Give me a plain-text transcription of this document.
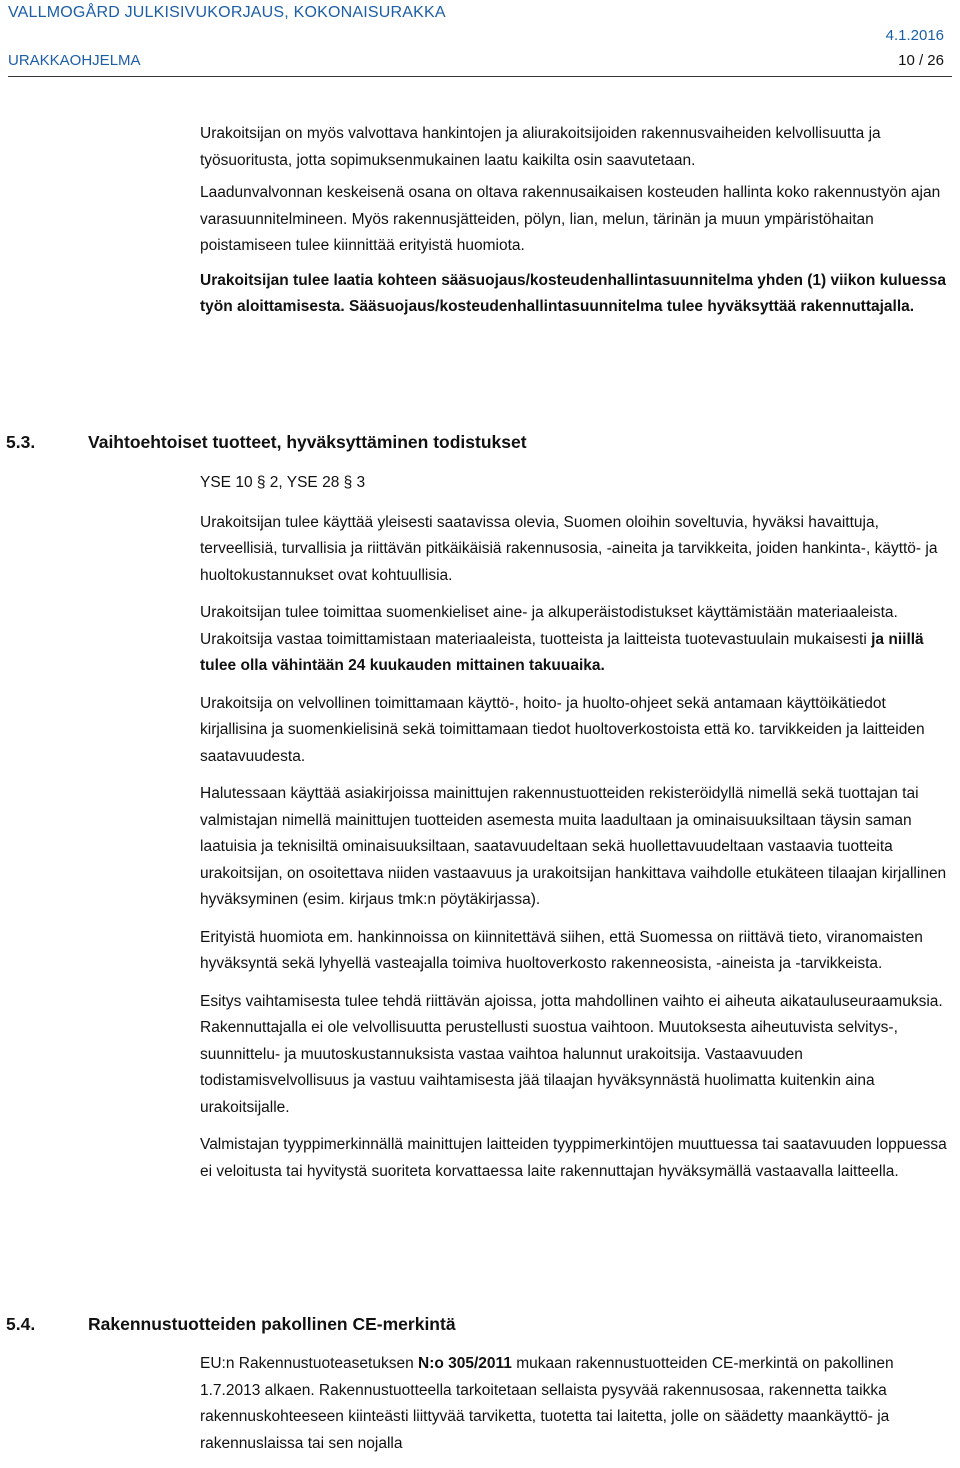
VALLMOGÅRD JULKISIVUKORJAUS, KOKONAISURAKKA
4.1.2016
URAKKAOHJELMA	10 / 26

Urakoitsijan on myös valvottava hankintojen ja aliurakoitsijoiden rakennusvaiheiden kelvollisuutta ja työsuoritusta, jotta sopimuksenmukainen laatu kaikilta osin saavutetaan.

Laadunvalvonnan keskeisenä osana on oltava rakennusaikaisen kosteuden hallinta koko rakennustyön ajan varasuunnitelmineen. Myös rakennusjätteiden, pölyn, lian, melun, tärinän ja muun ympäristöhaitan poistamiseen tulee kiinnittää erityistä huomiota.

Urakoitsijan tulee laatia kohteen sääsuojaus/kosteudenhallintasuunnitelma yhden (1) viikon kuluessa työn aloittamisesta. Sääsuojaus/kosteudenhallintasuunnitelma tulee hyväksyttää rakennuttajalla.

5.3.	Vaihtoehtoiset tuotteet, hyväksyttäminen todistukset

YSE 10 § 2, YSE 28 § 3

Urakoitsijan tulee käyttää yleisesti saatavissa olevia, Suomen oloihin soveltuvia, hyväksi havaittuja, terveellisiä, turvallisia ja riittävän pitkäikäisiä rakennusosia, -aineita ja tarvikkeita, joiden hankinta-, käyttö- ja huoltokustannukset ovat kohtuullisia.

Urakoitsijan tulee toimittaa suomenkieliset aine- ja alkuperäistodistukset käyttämistään materiaaleista. Urakoitsija vastaa toimittamistaan materiaaleista, tuotteista ja laitteista tuotevastuulain mukaisesti ja niillä tulee olla vähintään 24 kuukauden mittainen takuuaika.

Urakoitsija on velvollinen toimittamaan käyttö-, hoito- ja huolto-ohjeet sekä antamaan käyttöikätiedot kirjallisina ja suomenkielisinä sekä toimittamaan tiedot huoltoverkostoista että ko. tarvikkeiden ja laitteiden saatavuudesta.

Halutessaan käyttää asiakirjoissa mainittujen rakennustuotteiden rekisteröidyllä nimellä sekä tuottajan tai valmistajan nimellä mainittujen tuotteiden asemesta muita laadultaan ja ominaisuuksiltaan täysin saman laatuisia ja teknisiltä ominaisuuksiltaan, saatavuudeltaan sekä huollettavuudeltaan vastaavia tuotteita urakoitsijan, on osoitettava niiden vastaavuus ja urakoitsijan hankittava vaihdolle etukäteen tilaajan kirjallinen hyväksyminen (esim. kirjaus tmk:n pöytäkirjassa).

Erityistä huomiota em. hankinnoissa on kiinnitettävä siihen, että Suomessa on riittävä tieto, viranomaisten hyväksyntä sekä lyhyellä vasteajalla toimiva huoltoverkosto rakenneosista, -aineista ja -tarvikkeista.

Esitys vaihtamisesta tulee tehdä riittävän ajoissa, jotta mahdollinen vaihto ei aiheuta aikatauluseuraamuksia. Rakennuttajalla ei ole velvollisuutta perustellusti suostua vaihtoon. Muutoksesta aiheutuvista selvitys-, suunnittelu- ja muutoskustannuksista vastaa vaihtoa halunnut urakoitsija. Vastaavuuden todistamisvelvollisuus ja vastuu vaihtamisesta jää tilaajan hyväksynnästä huolimatta kuitenkin aina urakoitsijalle.

Valmistajan tyyppimerkinnällä mainittujen laitteiden tyyppimerkintöjen muuttuessa tai saatavuuden loppuessa ei veloitusta tai hyvitystä suoriteta korvattaessa laite rakennuttajan hyväksymällä vastaavalla laitteella.

5.4.	Rakennustuotteiden pakollinen CE-merkintä

EU:n Rakennustuoteasetuksen N:o 305/2011 mukaan rakennustuotteiden CE-merkintä on pakollinen 1.7.2013 alkaen. Rakennustuotteella tarkoitetaan sellaista pysyvää rakennusosaa, rakennetta taikka rakennuskohteeseen kiinteästi liittyvää tarviketta, tuotetta tai laitetta, jolle on säädetty maankäyttö- ja rakennuslaissa tai sen nojalla
